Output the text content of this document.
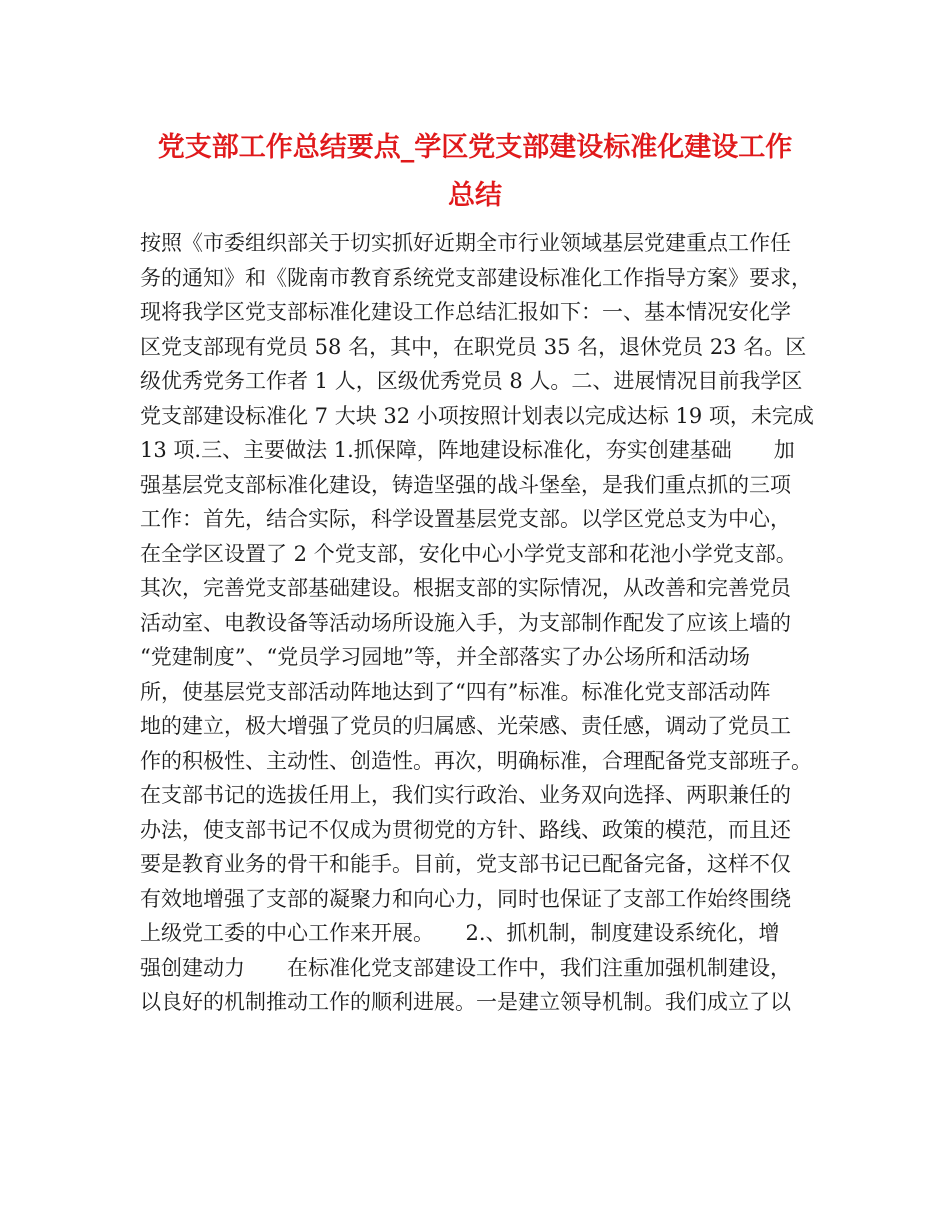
党支部工作总结要点_学区党支部建设标准化建设工作
总结
按照《市委组织部关于切实抓好近期全市行业领域基层党建重点工作任
务的通知》和《陇南市教育系统党支部建设标准化工作指导方案》要求，
现将我学区党支部标准化建设工作总结汇报如下：一、基本情况安化学
区党支部现有党员 58 名，其中，在职党员 35 名，退休党员 23 名。区
级优秀党务工作者 1 人，区级优秀党员 8 人。二、进展情况目前我学区
党支部建设标准化 7 大块 32 小项按照计划表以完成达标 19 项，未完成
13 项.三、主要做法 1.抓保障，阵地建设标准化，夯实创建基础　　加
强基层党支部标准化建设，铸造坚强的战斗堡垒，是我们重点抓的三项
工作：首先，结合实际，科学设置基层党支部。以学区党总支为中心，
在全学区设置了 2 个党支部，安化中心小学党支部和花池小学党支部。
其次，完善党支部基础建设。根据支部的实际情况，从改善和完善党员
活动室、电教设备等活动场所设施入手，为支部制作配发了应该上墙的
“党建制度”、“党员学习园地”等，并全部落实了办公场所和活动场
所，使基层党支部活动阵地达到了“四有”标准。标准化党支部活动阵
地的建立，极大增强了党员的归属感、光荣感、责任感，调动了党员工
作的积极性、主动性、创造性。再次，明确标准，合理配备党支部班子。
在支部书记的选拔任用上，我们实行政治、业务双向选择、两职兼任的
办法，使支部书记不仅成为贯彻党的方针、路线、政策的模范，而且还
要是教育业务的骨干和能手。目前，党支部书记已配备完备，这样不仅
有效地增强了支部的凝聚力和向心力，同时也保证了支部工作始终围绕
上级党工委的中心工作来开展。　　2.、抓机制，制度建设系统化，增
强创建动力　　在标准化党支部建设工作中，我们注重加强机制建设，
以良好的机制推动工作的顺利进展。一是建立领导机制。我们成立了以
